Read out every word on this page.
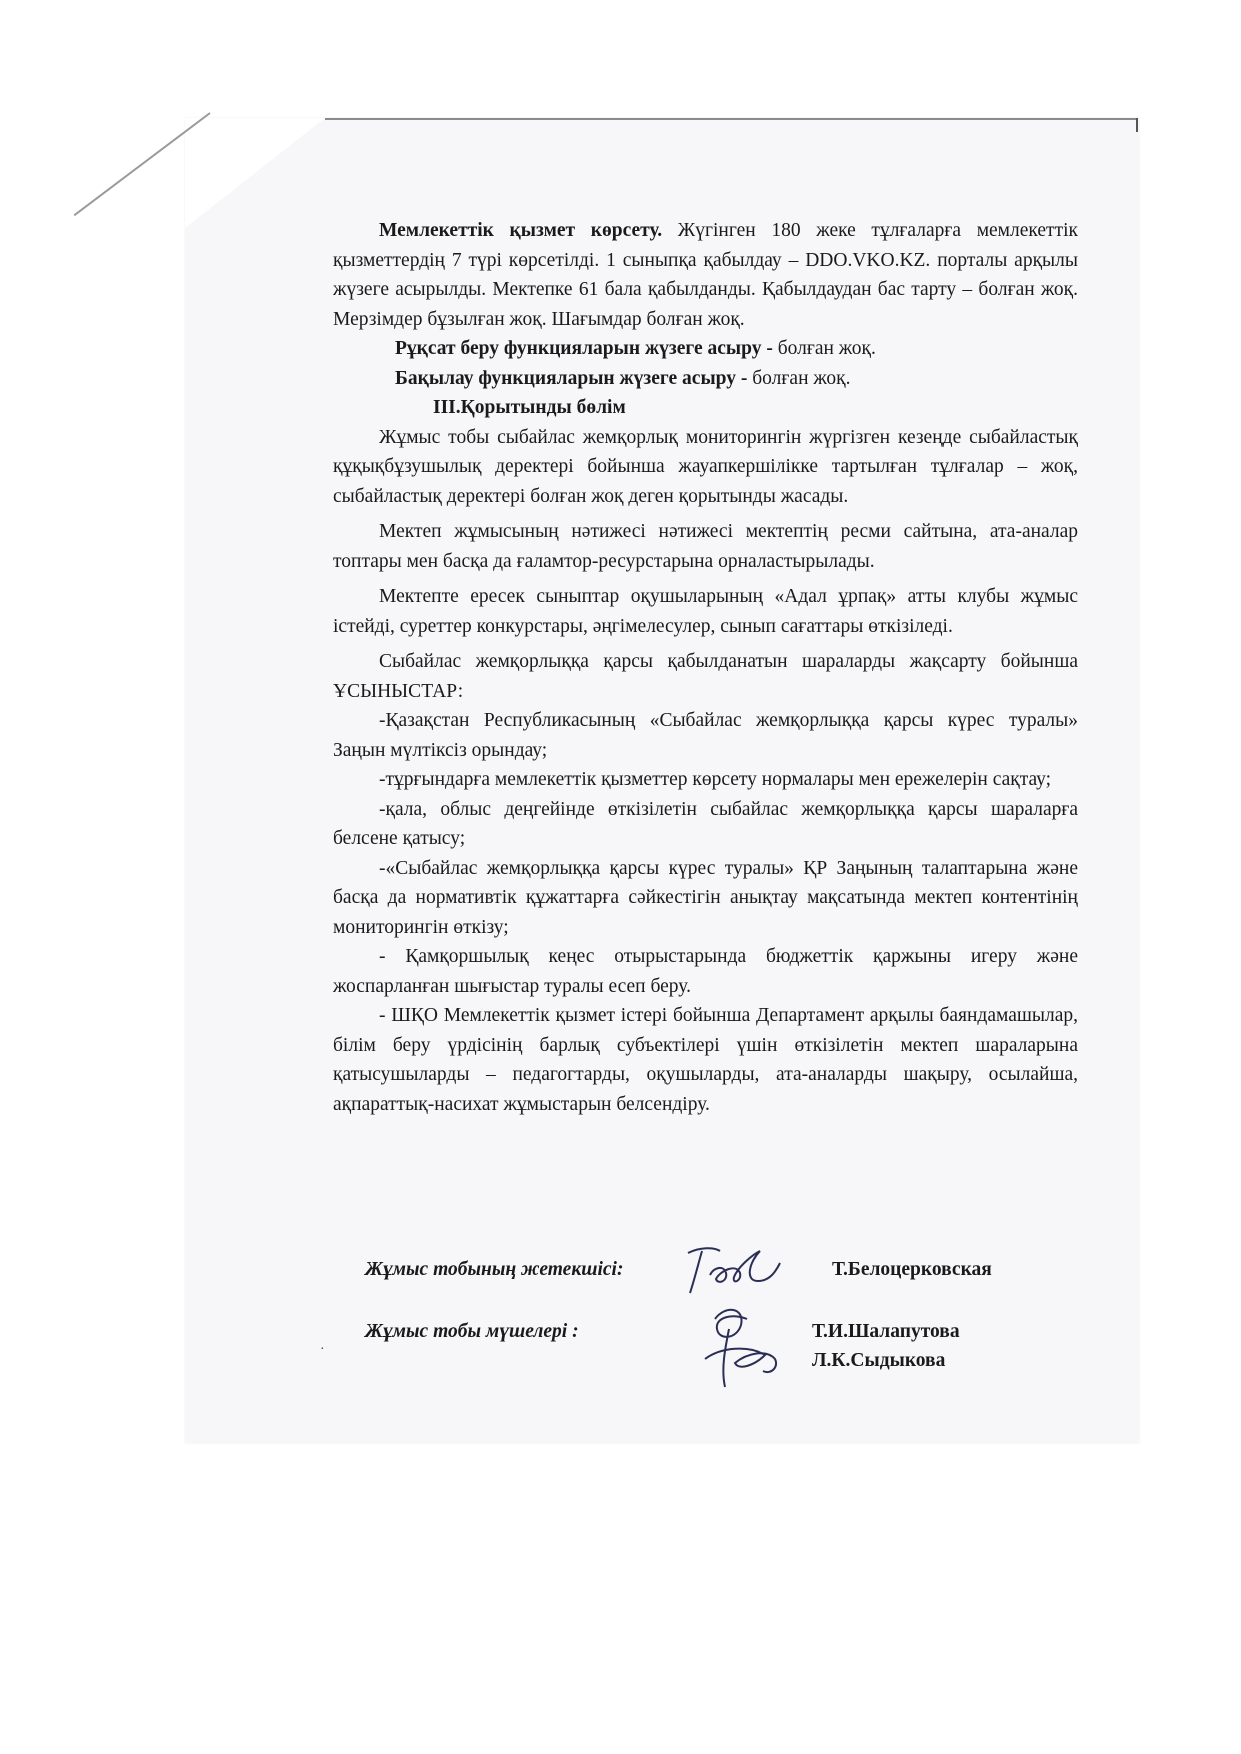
Мемлекеттік қызмет көрсету. Жүгінген 180 жеке тұлғаларға мемлекеттік қызметтердің 7 түрі көрсетілді. 1 сыныпқа қабылдау – DDO.VKO.KZ. порталы арқылы жүзеге асырылды. Мектепке 61 бала қабылданды. Қабылдаудан бас тарту – болған жоқ. Мерзімдер бұзылған жоқ. Шағымдар болған жоқ.

Рұқсат беру функцияларын жүзеге асыру - болған жоқ.

Бақылау функцияларын жүзеге асыру - болған жоқ.

III.Қорытынды бөлім

Жұмыс тобы сыбайлас жемқорлық мониторингін жүргізген кезеңде сыбайластық құқықбұзушылық деректері бойынша жауапкершілікке тартылған тұлғалар – жоқ, сыбайластық деректері болған жоқ деген қорытынды жасады.

Мектеп жұмысының нәтижесі нәтижесі мектептің ресми сайтына, ата-аналар топтары мен басқа да ғаламтор-ресурстарына орналастырылады.

Мектепте ересек сыныптар оқушыларының «Адал ұрпақ» атты клубы жұмыс істейді, суреттер конкурстары, әңгімелесулер, сынып сағаттары өткізіледі.

Сыбайлас жемқорлыққа қарсы қабылданатын шараларды жақсарту бойынша ҰСЫНЫСТАР:

-Қазақстан Республикасының «Сыбайлас жемқорлыққа қарсы күрес туралы» Заңын мүлтіксіз орындау;

-тұрғындарға мемлекеттік қызметтер көрсету нормалары мен ережелерін сақтау;

-қала, облыс деңгейінде өткізілетін сыбайлас жемқорлыққа қарсы шараларға белсене қатысу;

-«Сыбайлас жемқорлыққа қарсы күрес туралы» ҚР Заңының талаптарына және басқа да нормативтік құжаттарға сәйкестігін анықтау мақсатында мектеп контентінің мониторингін өткізу;

- Қамқоршылық кеңес отырыстарында бюджеттік қаржыны игеру және жоспарланған шығыстар туралы есеп беру.

- ШҚО Мемлекеттік қызмет істері бойынша Департамент арқылы баяндамашылар, білім беру үрдісінің барлық субъектілері үшін өткізілетін мектеп шараларына қатысушыларды – педагогтарды, оқушыларды, ата-аналарды шақыру, осылайша, ақпараттық-насихат жұмыстарын белсендіру.

Жұмыс тобының жетекшісі:	Т.Белоцерковская
Жұмыс тобы мүшелері :	Т.И.Шалапутова
Л.К.Сыдыкова
·
